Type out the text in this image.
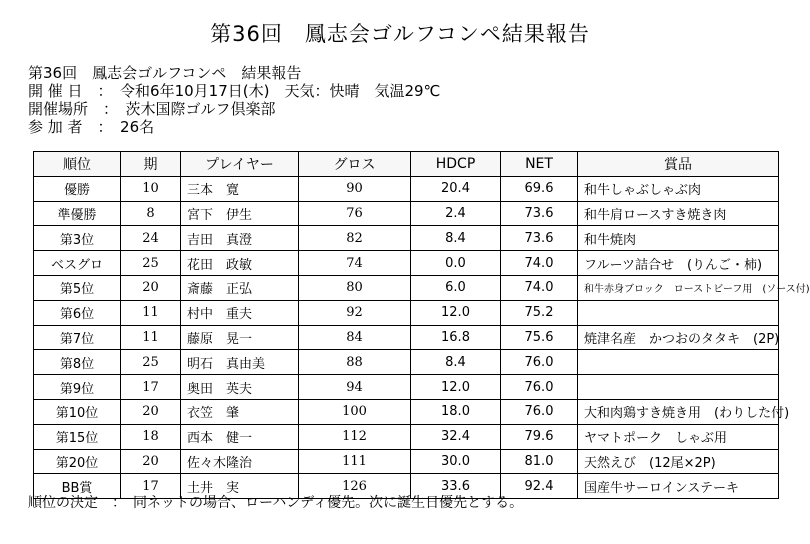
第36回　鳳志会ゴルフコンペ結果報告
第36回　鳳志会ゴルフコンペ　結果報告
開 催 日　：　令和6年10月17日(木)　天気：快晴　気温29℃
開催場所　：　茨木国際ゴルフ倶楽部
参 加 者　：　26名
順位	期	プレイヤー	グロス	HDCP	NET	賞品
優勝	10	三本　寛	90	20.4	69.6	和牛しゃぶしゃぶ肉
準優勝	8	宮下　伊生	76	2.4	73.6	和牛肩ロースすき焼き肉
第3位	24	吉田　真澄	82	8.4	73.6	和牛焼肉
ベスグロ	25	花田　政敏	74	0.0	74.0	フルーツ詰合せ　(りんご・柿)
第5位	20	斎藤　正弘	80	6.0	74.0	和牛赤身ブロック　ローストビーフ用　(ソース付)
第6位	11	村中　重夫	92	12.0	75.2	
第7位	11	藤原　晃一	84	16.8	75.6	焼津名産　かつおのタタキ　(2P)
第8位	25	明石　真由美	88	8.4	76.0	
第9位	17	奥田　英夫	94	12.0	76.0	
第10位	20	衣笠　肇	100	18.0	76.0	大和肉鶏すき焼き用　(わりした付)
第15位	18	西本　健一	112	32.4	79.6	ヤマトポーク　しゃぶ用
第20位	20	佐々木隆治	111	30.0	81.0	天然えび　(12尾×2P)
BB賞	17	土井　実	126	33.6	92.4	国産牛サーロインステーキ
順位の決定　：　同ネットの場合、ローハンディ優先。次に誕生日優先とする。
